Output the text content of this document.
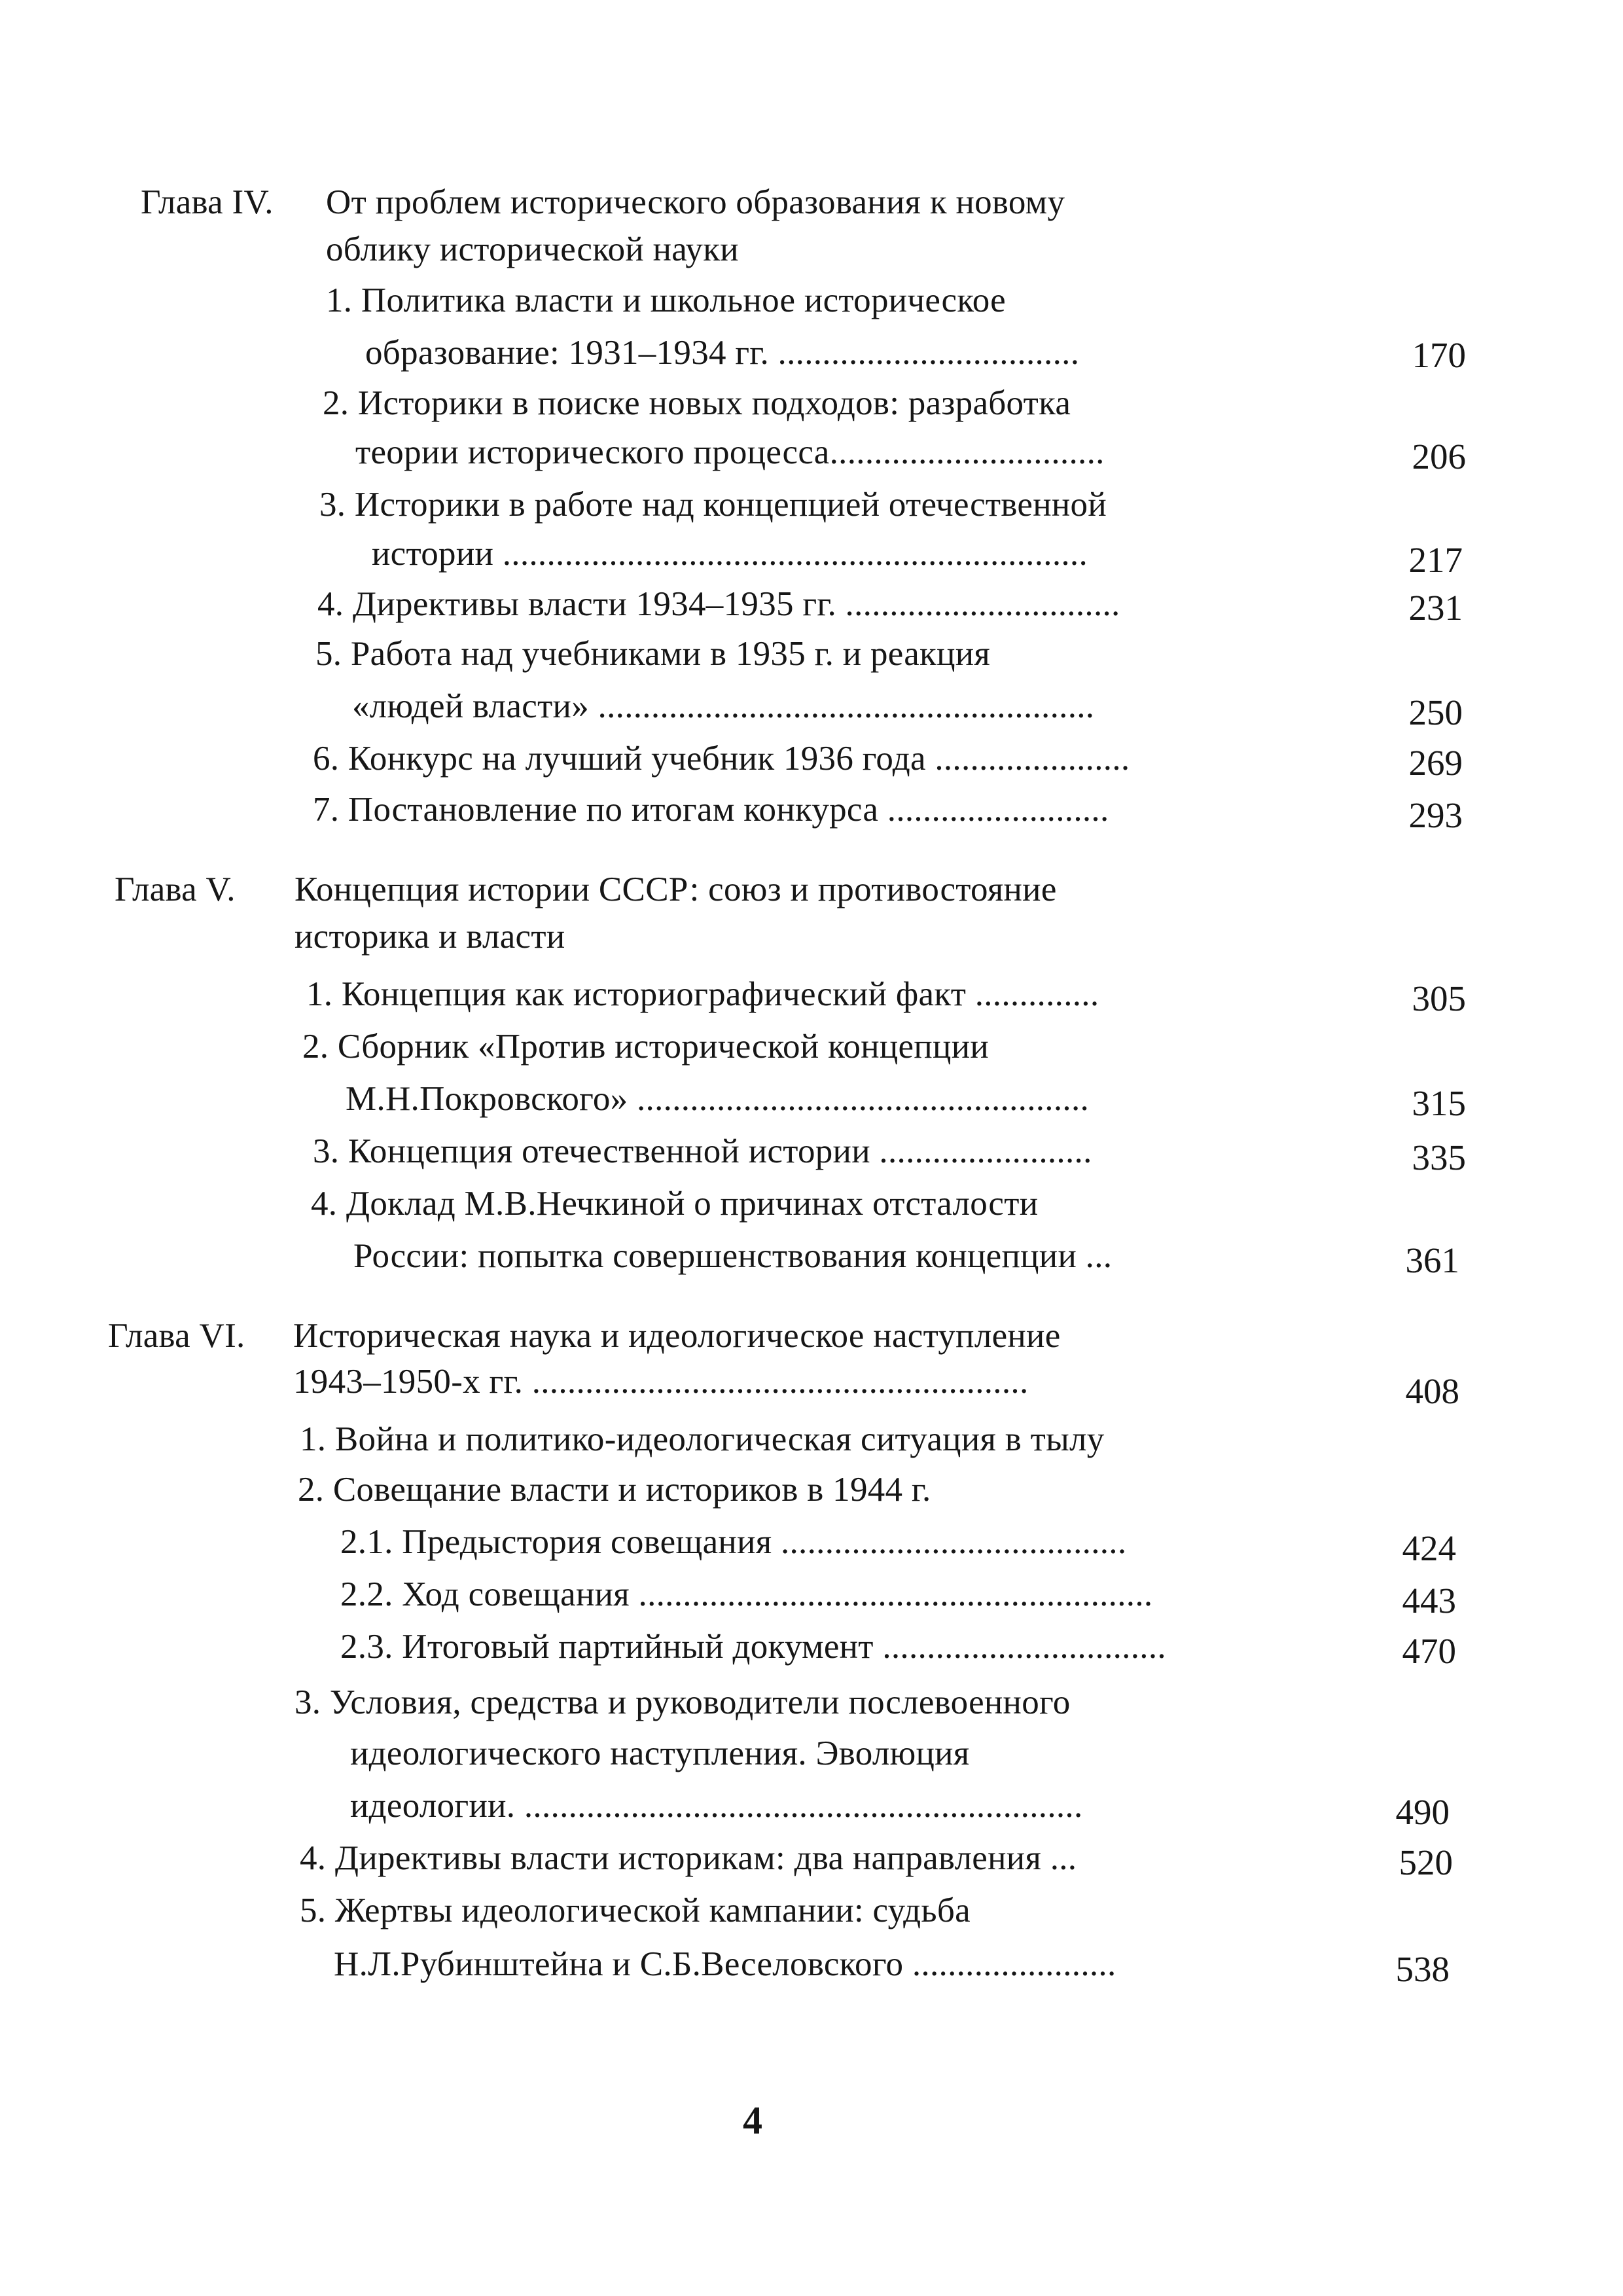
Глава IV. От проблем исторического образования к новому
облику исторической науки
1. Политика власти и школьное историческое
образование: 1931–1934 гг. ..................................	170
2. Историки в поиске новых подходов: разработка
теории исторического процесса...............................	206
3. Историки в работе над концепцией отечественной
истории ..................................................................	217
4. Директивы власти 1934–1935 гг. ...............................	231
5. Работа над учебниками в 1935 г. и реакция
«людей власти» ........................................................	250
6. Конкурс на лучший учебник 1936 года ......................	269
7. Постановление по итогам конкурса .........................	293
Глава V. Концепция истории СССР: союз и противостояние
историка и власти
1. Концепция как историографический факт ..............	305
2. Сборник «Против исторической концепции
М.Н.Покровского» ...................................................	315
3. Концепция отечественной истории ........................	335
4. Доклад М.В.Нечкиной о причинах отсталости
России: попытка совершенствования концепции ...	361
Глава VI. Историческая наука и идеологическое наступление
1943–1950-х гг. ........................................................	408
1. Война и политико-идеологическая ситуация в тылу
2. Совещание власти и историков в 1944 г.
2.1. Предыстория совещания .......................................	424
2.2. Ход совещания ..........................................................	443
2.3. Итоговый партийный документ ................................	470
3. Условия, средства и руководители послевоенного
идеологического наступления. Эволюция
идеологии. ...............................................................	490
4. Директивы власти историкам: два направления ...	520
5. Жертвы идеологической кампании: судьба
Н.Л.Рубинштейна и С.Б.Веселовского .......................	538
4
